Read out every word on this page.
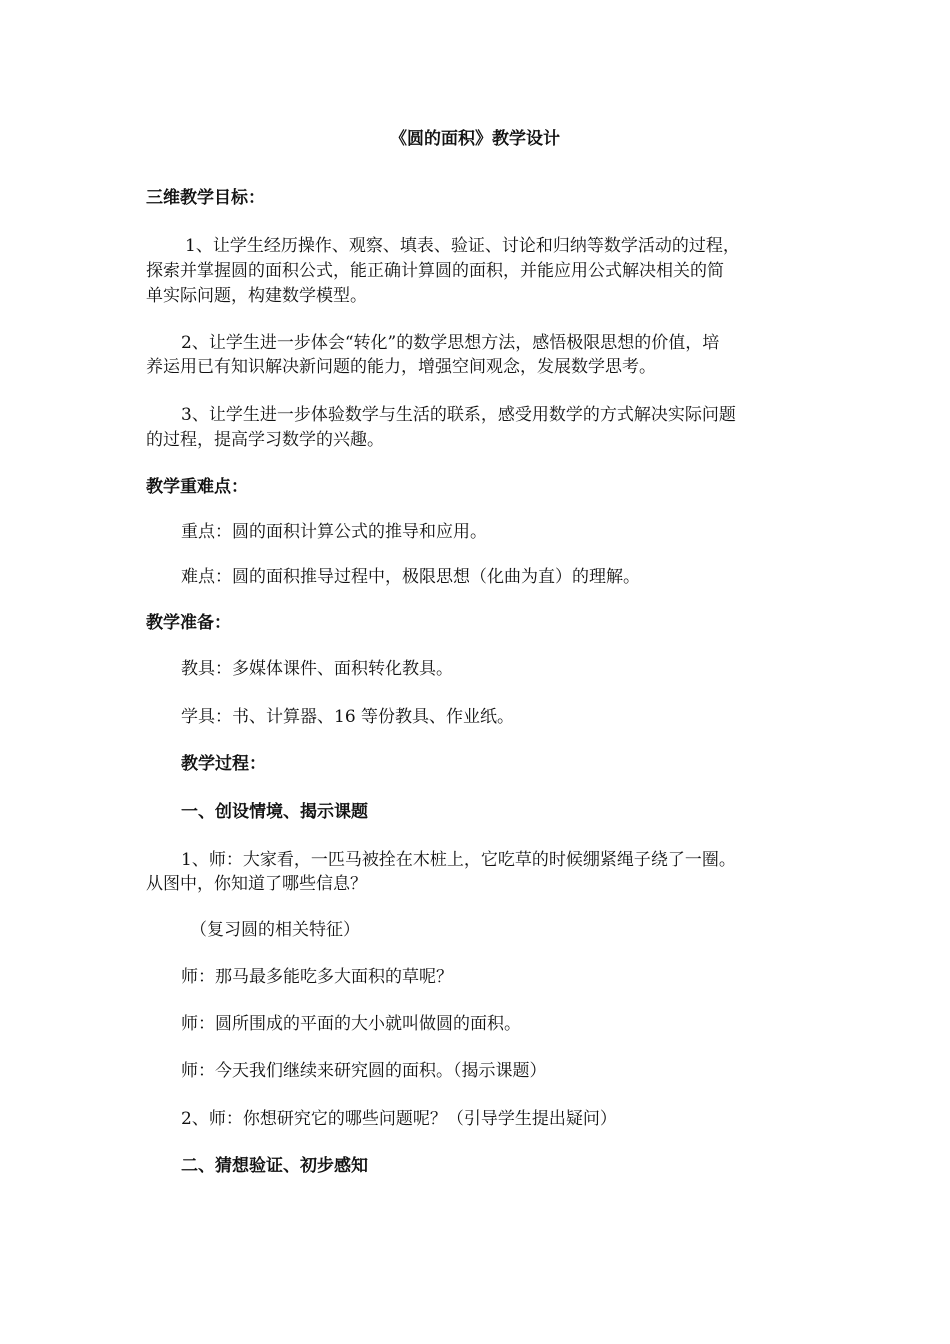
《圆的面积》教学设计
三维教学目标：
1、让学生经历操作、观察、填表、验证、讨论和归纳等数学活动的过程，
探索并掌握圆的面积公式，能正确计算圆的面积，并能应用公式解决相关的简
单实际问题，构建数学模型。
2、让学生进一步体会“转化”的数学思想方法，感悟极限思想的价值，培
养运用已有知识解决新问题的能力，增强空间观念，发展数学思考。
3、让学生进一步体验数学与生活的联系，感受用数学的方式解决实际问题
的过程，提高学习数学的兴趣。
教学重难点：
重点：圆的面积计算公式的推导和应用。
难点：圆的面积推导过程中，极限思想（化曲为直）的理解。
教学准备：
教具：多媒体课件、面积转化教具。
学具：书、计算器、16 等份教具、作业纸。
教学过程：
一、创设情境、揭示课题
1、师：大家看，一匹马被拴在木桩上，它吃草的时候绷紧绳子绕了一圈。
从图中，你知道了哪些信息？
（复习圆的相关特征）
师：那马最多能吃多大面积的草呢？
师：圆所围成的平面的大小就叫做圆的面积。
师：今天我们继续来研究圆的面积。（揭示课题）
2、师：你想研究它的哪些问题呢？（引导学生提出疑问）
二、猜想验证、初步感知
